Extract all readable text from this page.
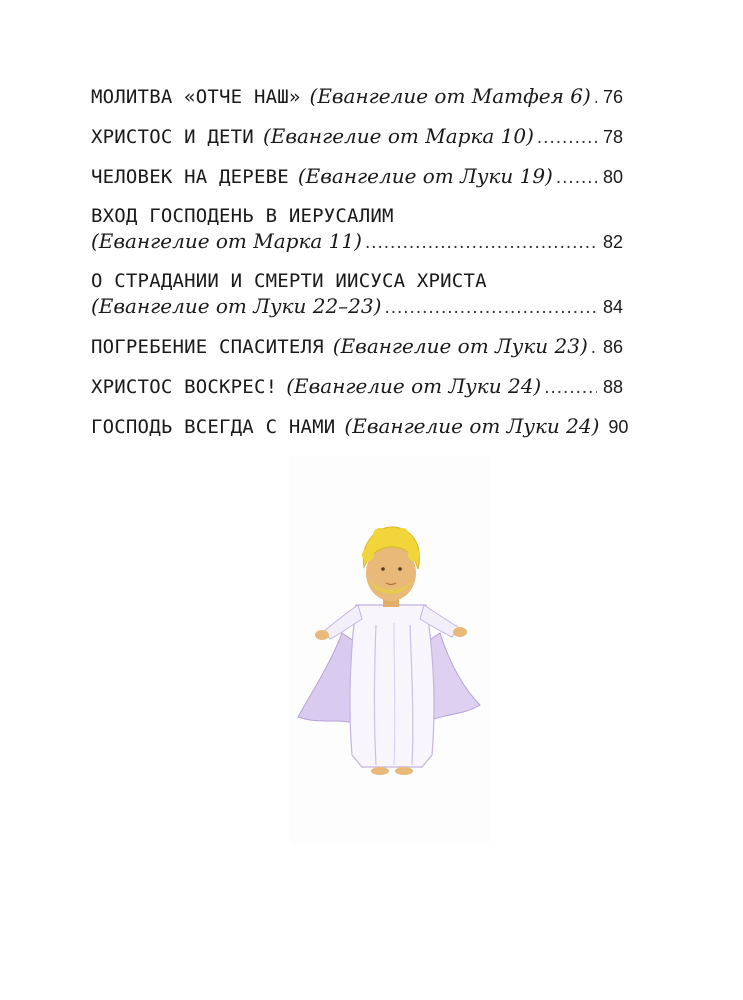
МОЛИТВА «ОТЧЕ НАШ» (Евангелие от Матфея 6) ..... 76
ХРИСТОС И ДЕТИ (Евангелие от Марка 10) .....	78
ЧЕЛОВЕК НА ДЕРЕВЕ (Евангелие от Луки 19) .....	80
ВХОД ГОСПОДЕНЬ В ИЕРУСАЛИМ
(Евангелие от Марка 11) .....	82
О СТРАДАНИИ И СМЕРТИ ИИСУСА ХРИСТА
(Евангелие от Луки 22–23) .....	84
ПОГРЕБЕНИЕ СПАСИТЕЛЯ (Евангелие от Луки 23) ..... 86
ХРИСТОС ВОСКРЕС! (Евангелие от Луки 24) .....	88
ГОСПОДЬ ВСЕГДА С НАМИ (Евангелие от Луки 24) 90
